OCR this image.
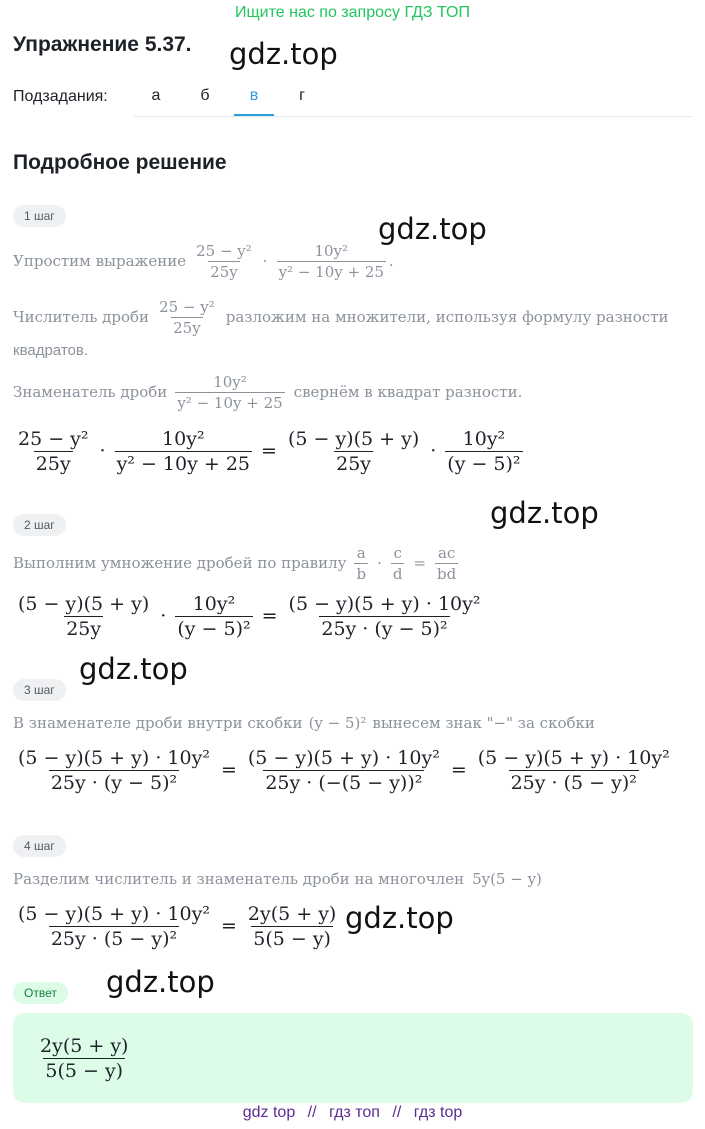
Ищите нас по запросу ГДЗ ТОП
Упражнение 5.37. gdz.top
Подзадания:	а	б	в	г
Подробное решение
1 шаг	gdz.top
Упростим выражение $\frac{\text{25 − y²}}{25y} \cdot \frac{\text{10y²}}{\text{y² − 10y + 25}}$ .
Числитель дроби $\frac{\text{25 − y²}}{25y}$ разложим на множители, используя формулу разности
квадратов.
Знаменатель дроби $\frac{\text{10y²}}{\text{y² − 10y + 25}}$ свернём в квадрат разности.
$\frac{\text{25 − y²}}{25y} \cdot \frac{\text{10y²}}{\text{y² − 10y + 25}} = \frac{(5 - y)(5 + y)}{25y} \cdot \frac{\text{10y²}}{\text{(y − 5)²}}$
2 шаг	gdz.top
Выполним умножение дробей по правилу $\frac{a}{b} \cdot \frac{c}{d} = \frac{ac}{bd}$
$\frac{(5 - y)(5 + y)}{25y} \cdot \frac{\text{10y²}}{\text{(y − 5)²}} = \frac{\text{(5 − y)(5 + y) · 10y²}}{\text{25y · (y − 5)²}}$
gdz.top
3 шаг
В знаменателе дроби внутри скобки (y − 5)² вынесем знак "−" за скобки
$\frac{\text{(5 − y)(5 + y) · 10y²}}{\text{25y · (y − 5)²}} = \frac{\text{(5 − y)(5 + y) · 10y²}}{\text{25y · (−(5 − y))²}} = \frac{\text{(5 − y)(5 + y) · 10y²}}{\text{25y · (5 − y)²}}$
4 шаг
Разделим числитель и знаменатель дроби на многочлен 5y(5 − y)
$\frac{\text{(5 − y)(5 + y) · 10y²}}{\text{25y · (5 − y)²}} = \frac{2y(5 + y)}{5(5 - y)} gdz.top$
Ответ	gdz.top
$\frac{2y(5 + y)}{5(5 - y)}$
gdz top // гдз топ // гдз top
